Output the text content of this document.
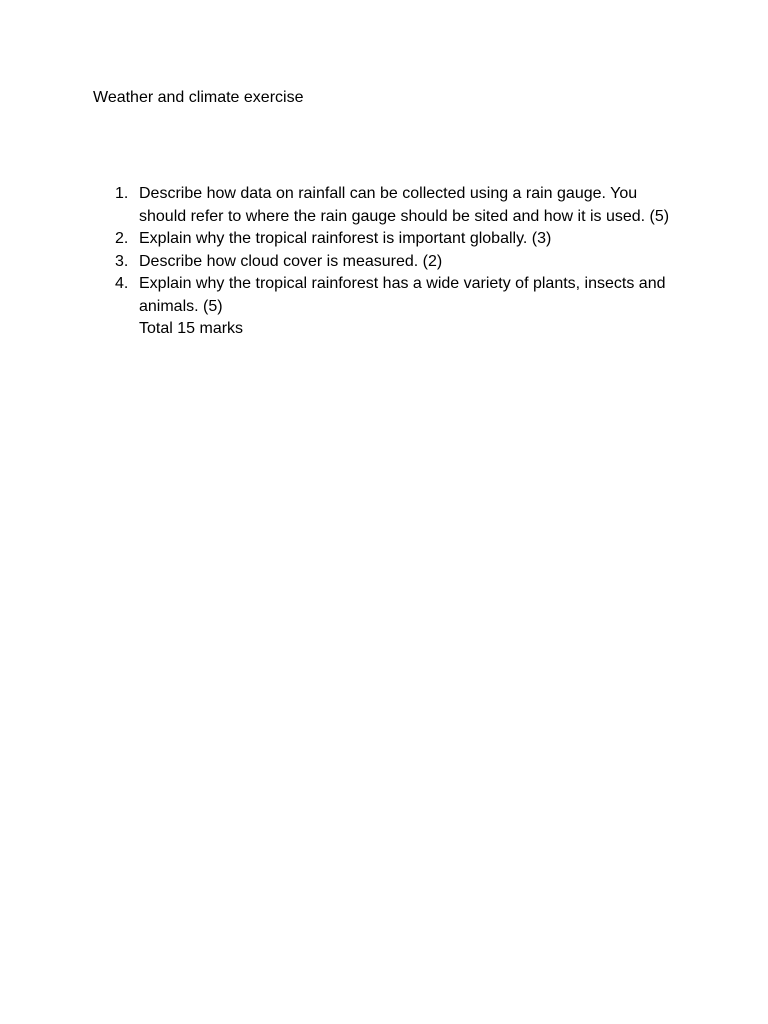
Weather and climate exercise

1. Describe how data on rainfall can be collected using a rain gauge. You should refer to where the rain gauge should be sited and how it is used. (5)
2. Explain why the tropical rainforest is important globally. (3)
3. Describe how cloud cover is measured. (2)
4. Explain why the tropical rainforest has a wide variety of plants, insects and animals. (5)
Total 15 marks
